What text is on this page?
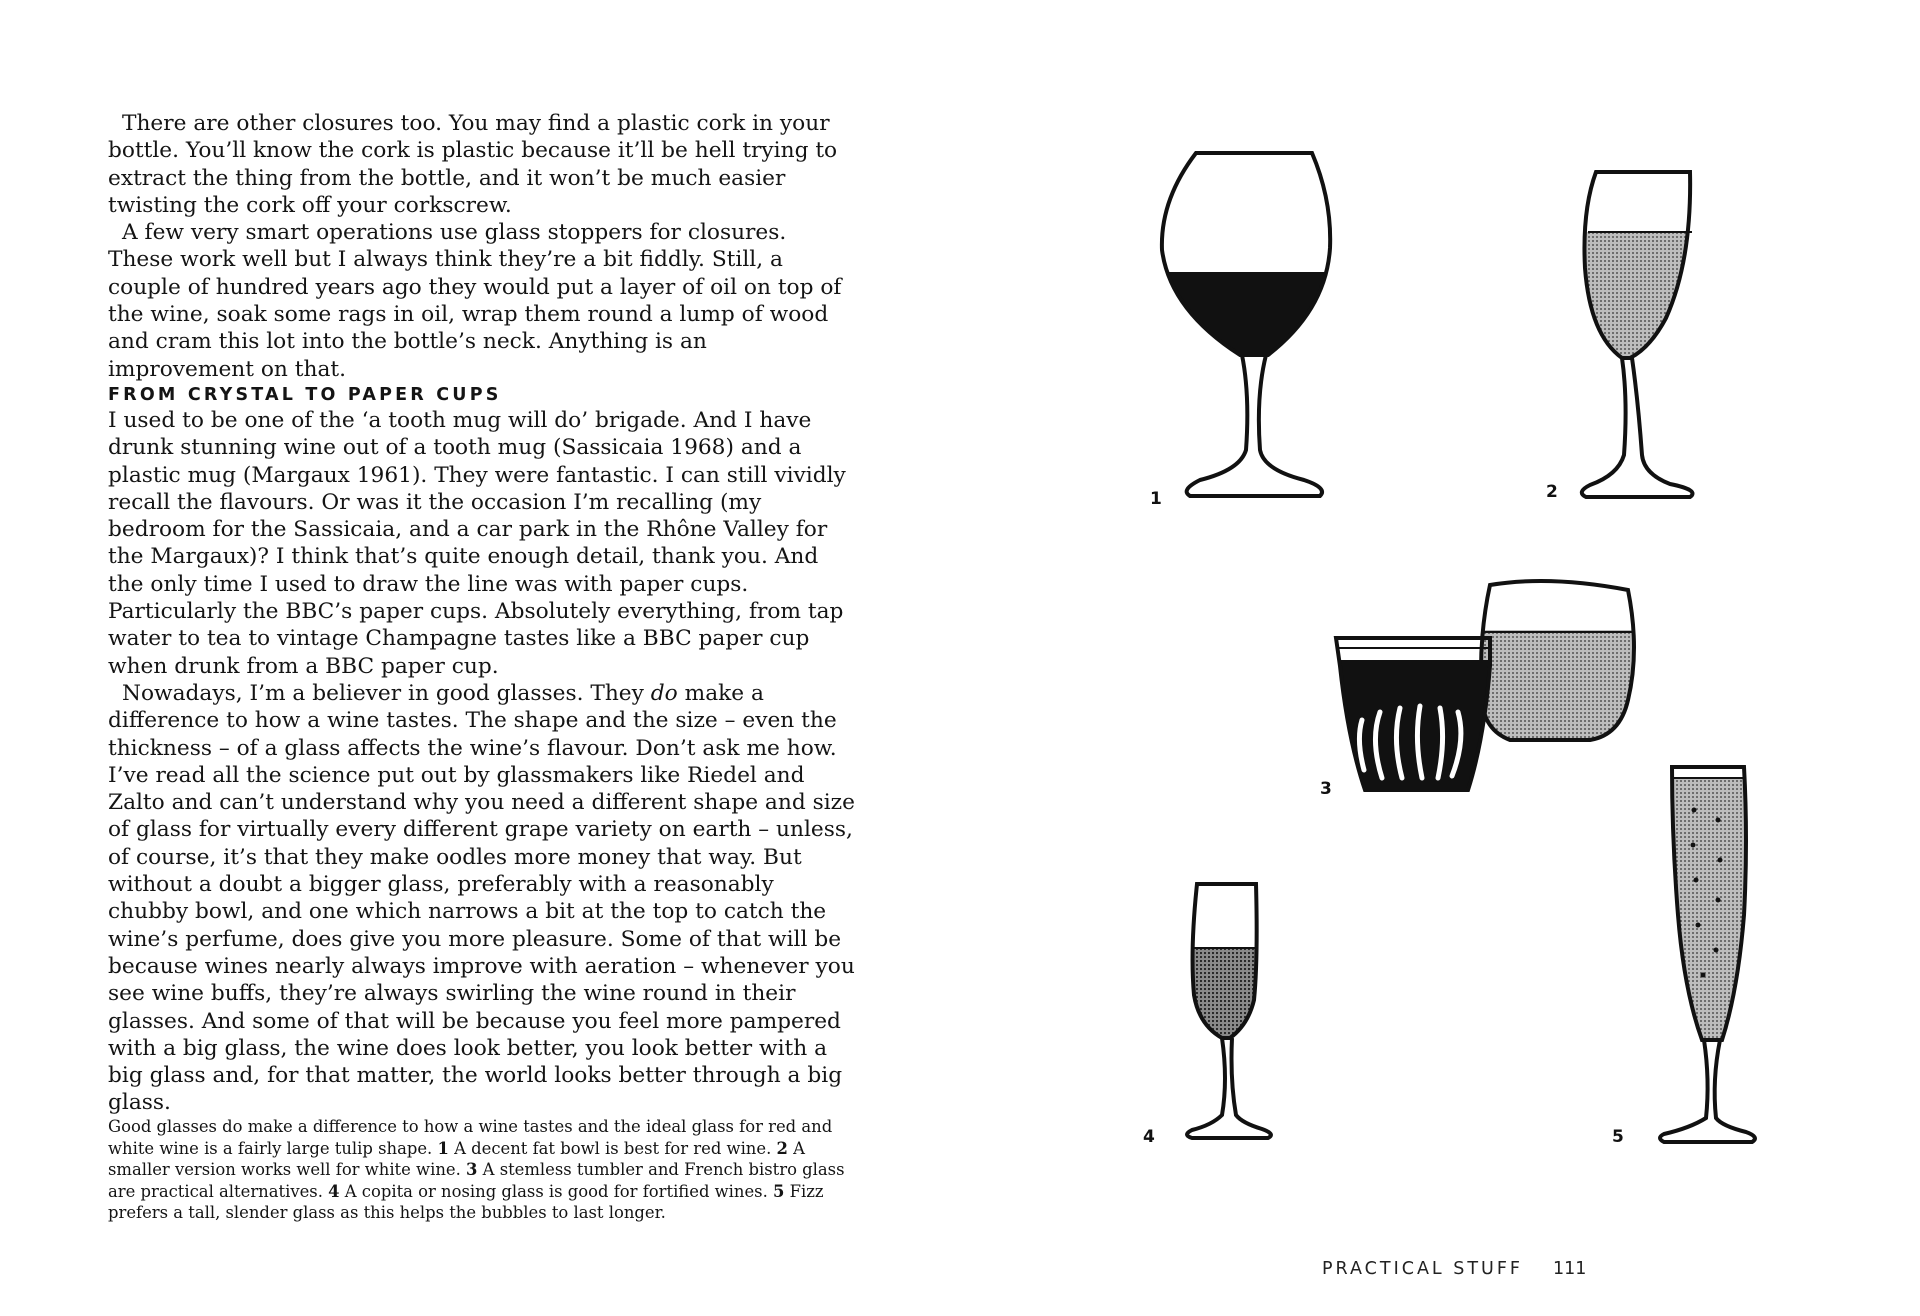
There are other closures too. You may find a plastic cork in your bottle. You’ll know the cork is plastic because it’ll be hell trying to extract the thing from the bottle, and it won’t be much easier twisting the cork off your corkscrew.

A few very smart operations use glass stoppers for closures. These work well but I always think they’re a bit fiddly. Still, a couple of hundred years ago they would put a layer of oil on top of the wine, soak some rags in oil, wrap them round a lump of wood and cram this lot into the bottle’s neck. Anything is an improvement on that.

FROM CRYSTAL TO PAPER CUPS

I used to be one of the ‘a tooth mug will do’ brigade. And I have drunk stunning wine out of a tooth mug (Sassicaia 1968) and a plastic mug (Margaux 1961). They were fantastic. I can still vividly recall the flavours. Or was it the occasion I’m recalling (my bedroom for the Sassicaia, and a car park in the Rhône Valley for the Margaux)? I think that’s quite enough detail, thank you. And the only time I used to draw the line was with paper cups. Particularly the BBC’s paper cups. Absolutely everything, from tap water to tea to vintage Champagne tastes like a BBC paper cup when drunk from a BBC paper cup.

Nowadays, I’m a believer in good glasses. They do make a difference to how a wine tastes. The shape and the size – even the thickness – of a glass affects the wine’s flavour. Don’t ask me how. I’ve read all the science put out by glassmakers like Riedel and Zalto and can’t understand why you need a different shape and size of glass for virtually every different grape variety on earth – unless, of course, it’s that they make oodles more money that way. But without a doubt a bigger glass, preferably with a reasonably chubby bowl, and one which narrows a bit at the top to catch the wine’s perfume, does give you more pleasure. Some of that will be because wines nearly always improve with aeration – whenever you see wine buffs, they’re always swirling the wine round in their glasses. And some of that will be because you feel more pampered with a big glass, the wine does look better, you look better with a big glass and, for that matter, the world looks better through a big glass.

Good glasses do make a difference to how a wine tastes and the ideal glass for red and white wine is a fairly large tulip shape. 1 A decent fat bowl is best for red wine. 2 A smaller version works well for white wine. 3 A stemless tumbler and French bistro glass are practical alternatives. 4 A copita or nosing glass is good for fortified wines. 5 Fizz prefers a tall, slender glass as this helps the bubbles to last longer.
1	2
3
4	5
PRACTICAL STUFF 111
